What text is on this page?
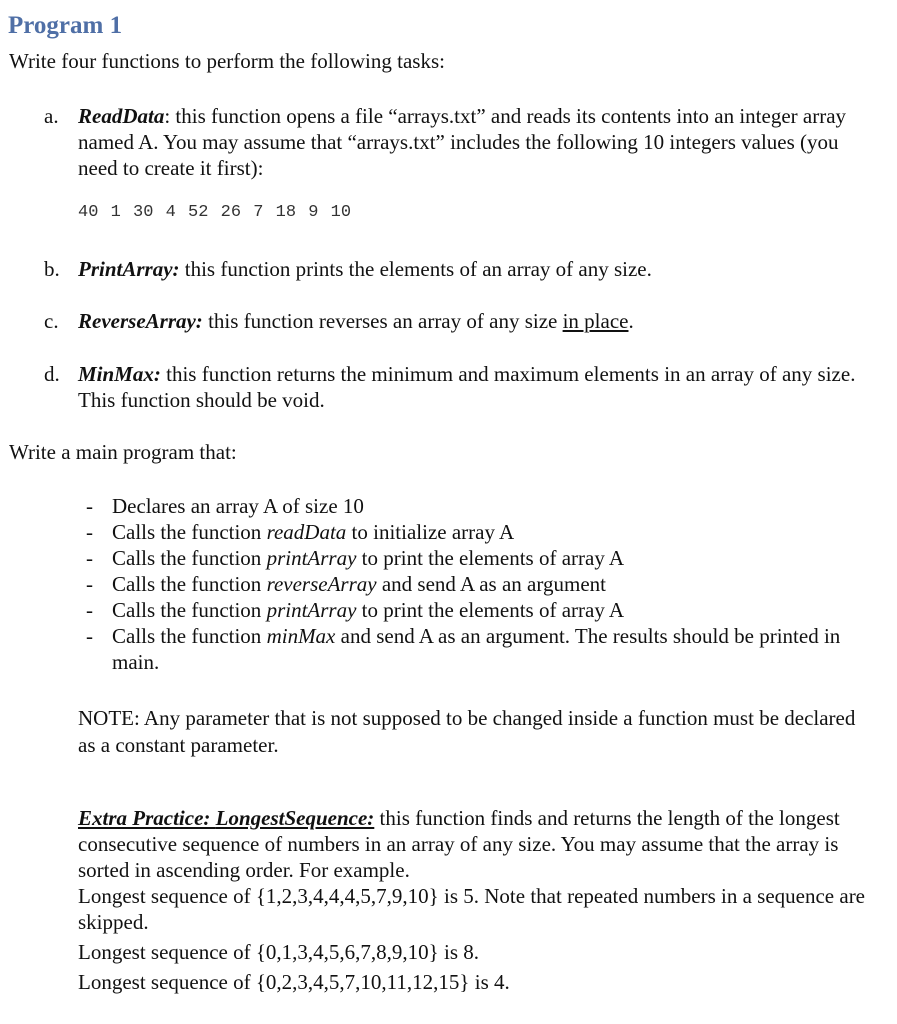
Program 1
Write four functions to perform the following tasks:
a. ReadData: this function opens a file “arrays.txt” and reads its contents into an integer array named A. You may assume that “arrays.txt” includes the following 10 integers values (you need to create it first):
40 1 30 4 52 26 7 18 9 10
b. PrintArray: this function prints the elements of an array of any size.
c. ReverseArray: this function reverses an array of any size in place.
d. MinMax: this function returns the minimum and maximum elements in an array of any size. This function should be void.
Write a main program that:
- Declares an array A of size 10
- Calls the function readData to initialize array A
- Calls the function printArray to print the elements of array A
- Calls the function reverseArray and send A as an argument
- Calls the function printArray to print the elements of array A
- Calls the function minMax and send A as an argument. The results should be printed in main.
NOTE: Any parameter that is not supposed to be changed inside a function must be declared as a constant parameter.
Extra Practice: LongestSequence: this function finds and returns the length of the longest consecutive sequence of numbers in an array of any size. You may assume that the array is sorted in ascending order. For example.
Longest sequence of {1,2,3,4,4,4,5,7,9,10} is 5. Note that repeated numbers in a sequence are skipped.
Longest sequence of {0,1,3,4,5,6,7,8,9,10} is 8.
Longest sequence of {0,2,3,4,5,7,10,11,12,15} is 4.
